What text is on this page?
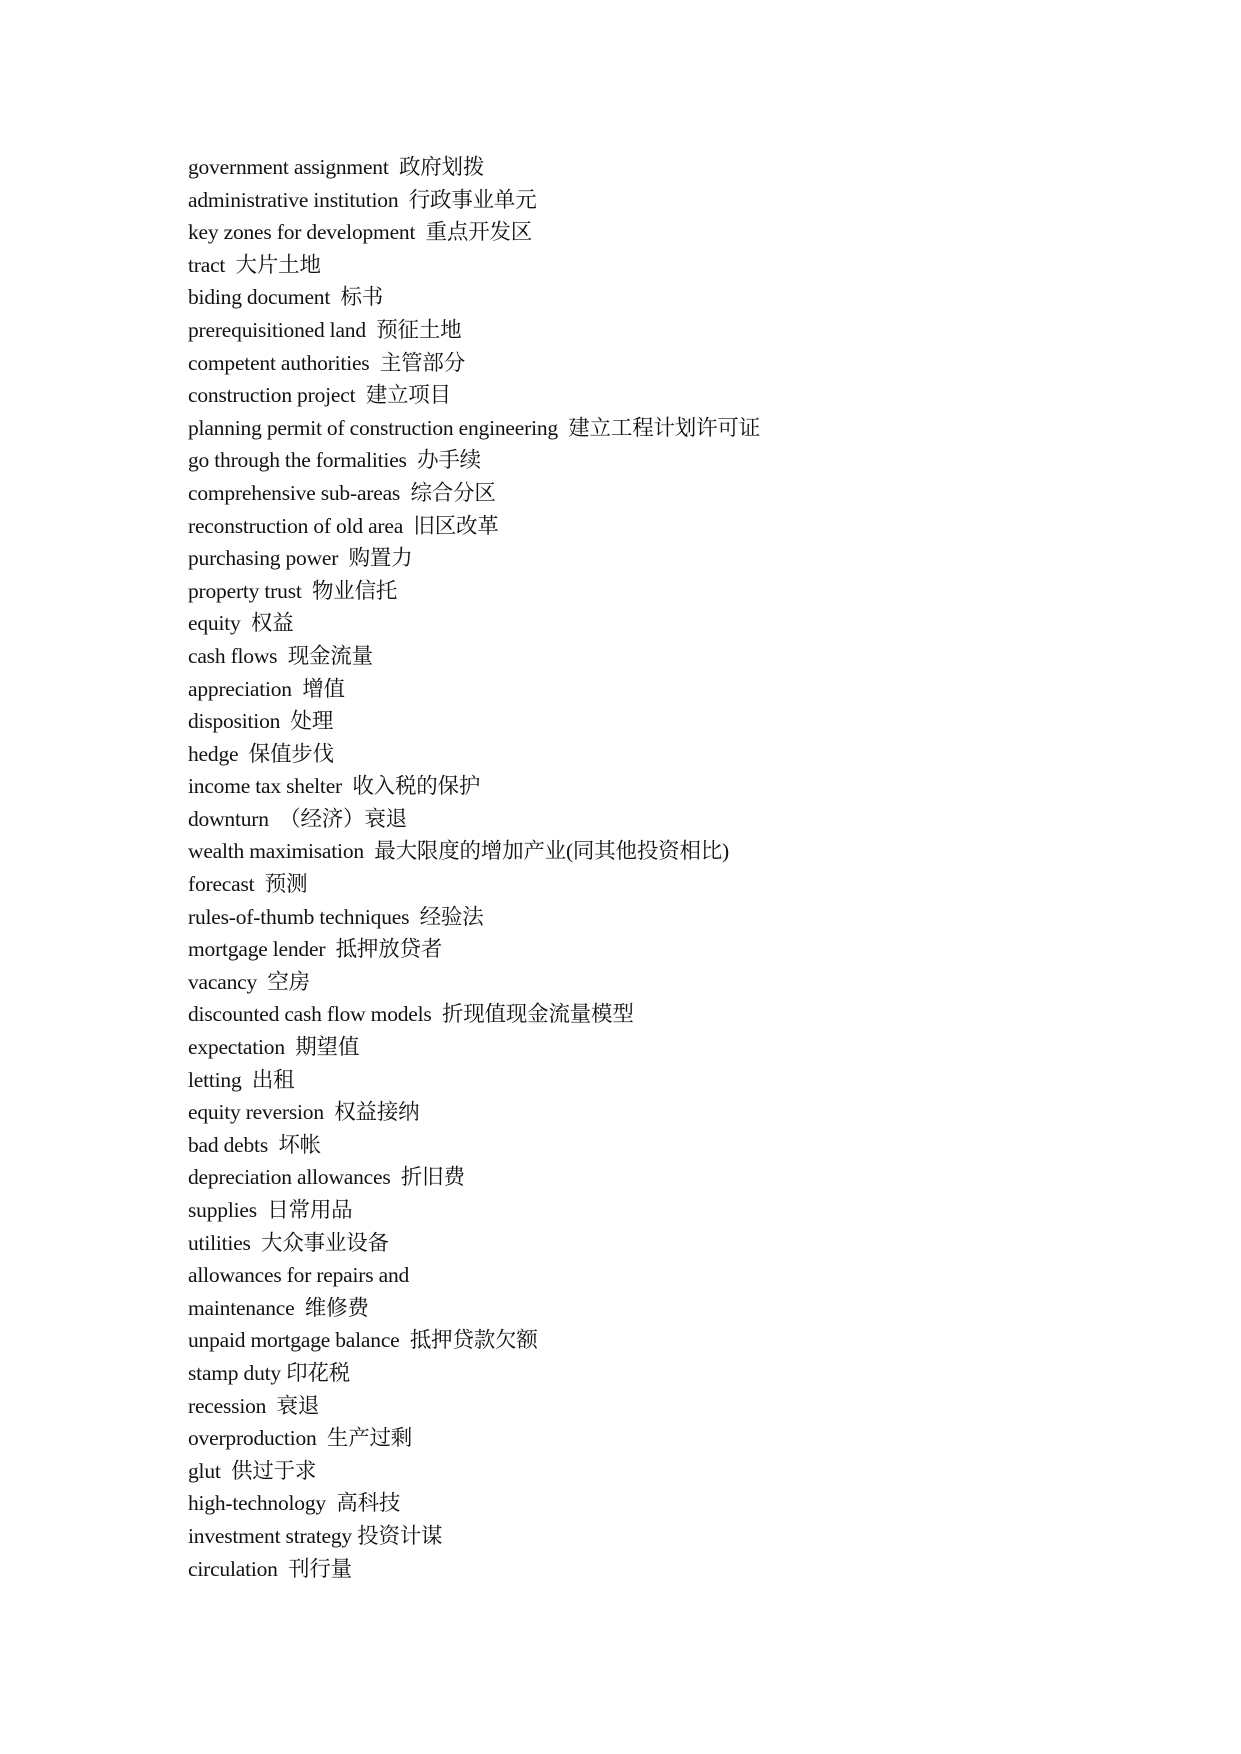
government assignment  政府划拨
administrative institution  行政事业单元
key zones for development  重点开发区
tract  大片土地
biding document  标书
prerequisitioned land  预征土地
competent authorities  主管部分
construction project  建立项目
planning permit of construction engineering  建立工程计划许可证
go through the formalities  办手续
comprehensive sub-areas  综合分区
reconstruction of old area  旧区改革
purchasing power  购置力
property trust  物业信托
equity  权益
cash flows  现金流量
appreciation  增值
disposition  处理
hedge  保值步伐
income tax shelter  收入税的保护
downturn  （经济）衰退
wealth maximisation  最大限度的增加产业(同其他投资相比)
forecast  预测
rules-of-thumb techniques  经验法
mortgage lender  抵押放贷者
vacancy  空房
discounted cash flow models  折现值现金流量模型
expectation  期望值
letting  出租
equity reversion  权益接纳
bad debts  坏帐
depreciation allowances  折旧费
supplies  日常用品
utilities  大众事业设备
allowances for repairs and
maintenance  维修费
unpaid mortgage balance  抵押贷款欠额
stamp duty 印花税
recession  衰退
overproduction  生产过剩
glut  供过于求
high-technology  高科技
investment strategy 投资计谋
circulation  刊行量
